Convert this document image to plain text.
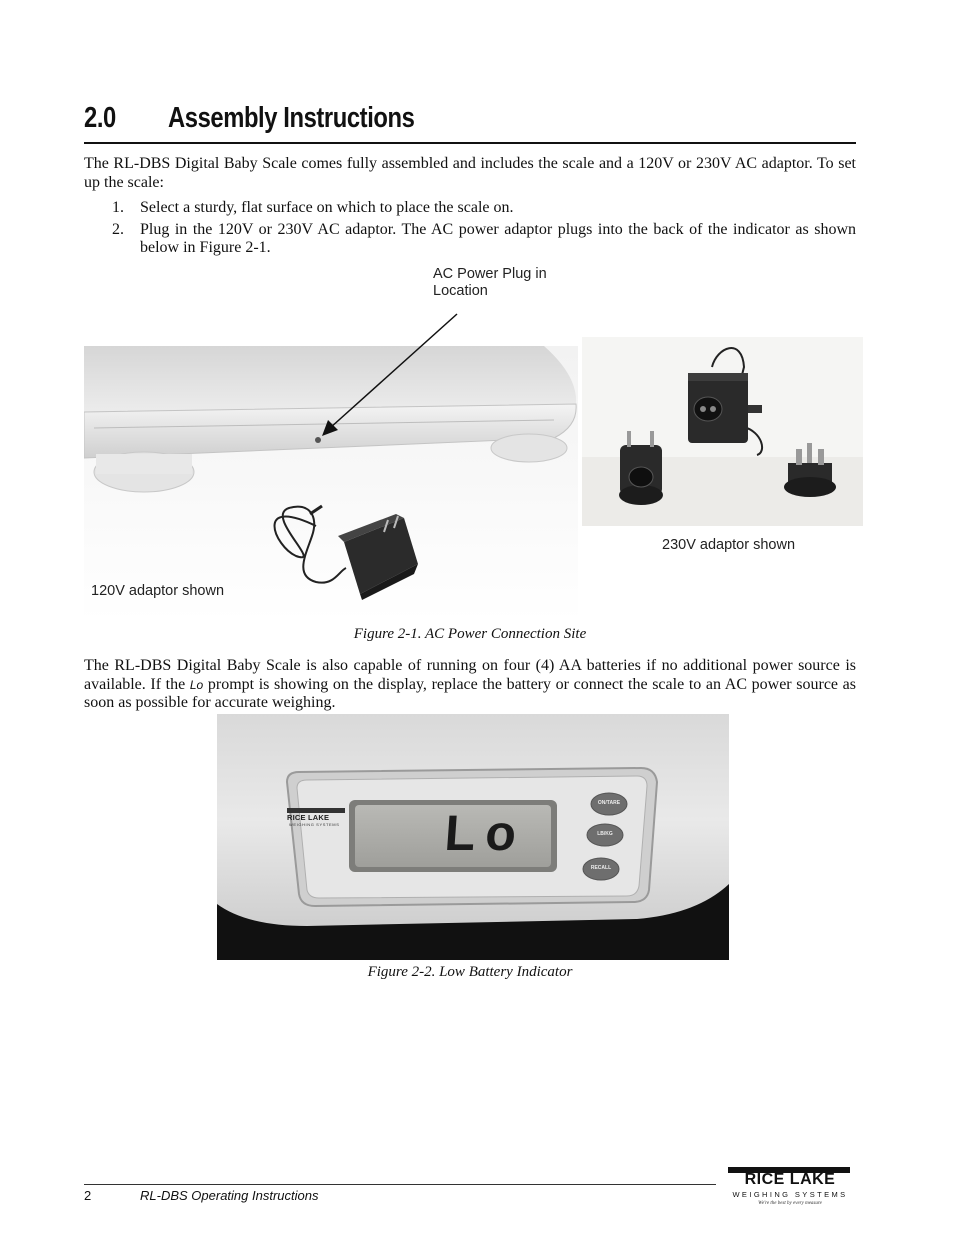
2.0 Assembly Instructions
The RL-DBS Digital Baby Scale comes fully assembled and includes the scale and a 120V or 230V AC adaptor. To set up the scale:
1. Select a sturdy, flat surface on which to place the scale on.
2. Plug in the 120V or 230V AC adaptor. The AC power adaptor plugs into the back of the indicator as shown below in Figure 2-1.
AC Power Plug in Location
120V adaptor shown
230V adaptor shown
Figure 2-1. AC Power Connection Site
The RL-DBS Digital Baby Scale is also capable of running on four (4) AA batteries if no additional power source is available. If the Lo prompt is showing on the display, replace the battery or connect the scale to an AC power source as soon as possible for accurate weighing.
RICE LAKE
WEIGHING SYSTEMS Lo
ON/TARE
LB/KG
RECALL
Figure 2-2. Low Battery Indicator
2	RL-DBS Operating Instructions
RICE LAKE
WEIGHING SYSTEMS
We're the best by every measure
